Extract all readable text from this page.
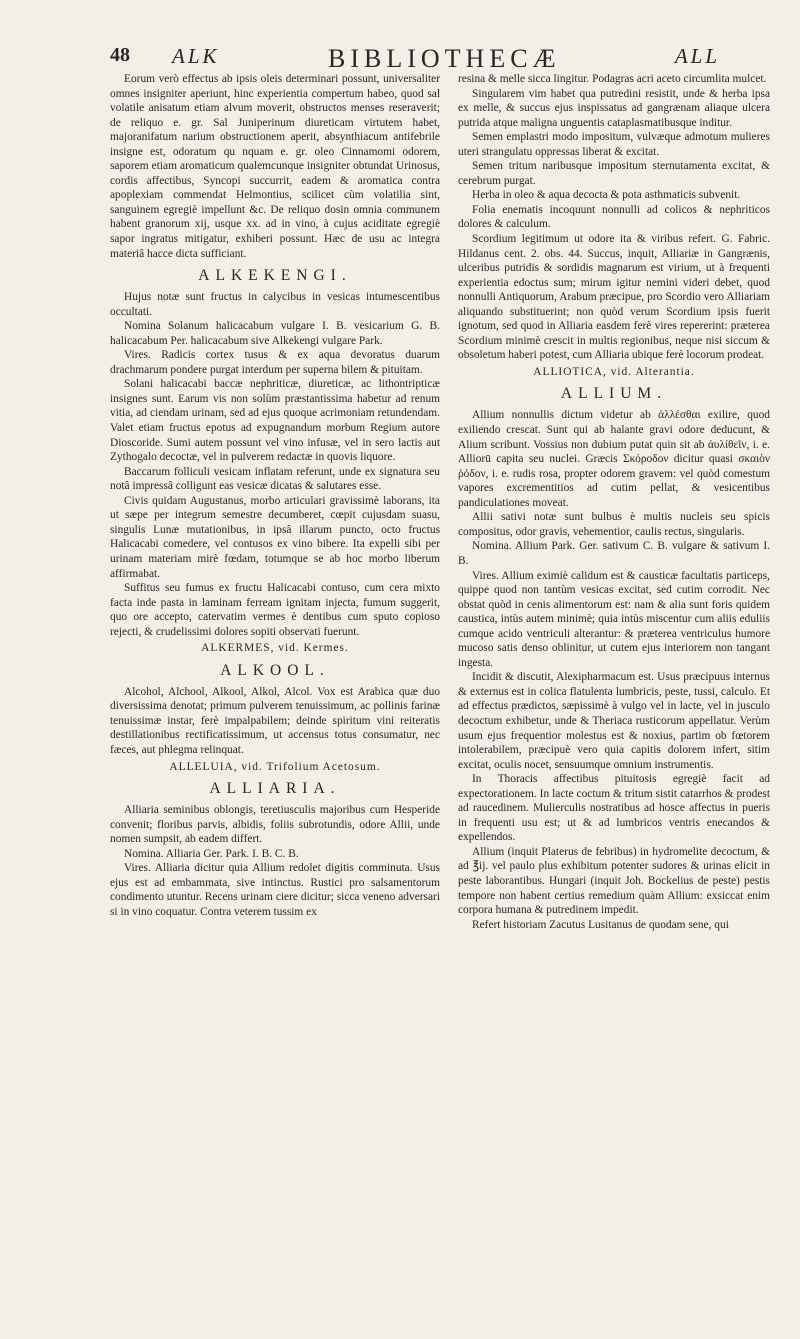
48 ALK	BIBLIOTHECÆ	ALL

Eorum verò effectus ab ipsis oleis determinari possunt, universaliter omnes insigniter aperiunt, hinc experientia compertum habeo, quod sal volatile anisatum etiam alvum moverit, obstructos menses reseraverit; de reliquo e. gr. Sal Juniperinum diureticam virtutem habet, majoranifatum narium obstructionem aperit, absynthiacum antifebrile insigne est, odoratum qu nquam e. gr. oleo Cinnamomi odorem, saporem etiam aromaticum qualemcunque insigniter obtundat Urinosus, cordis affectibus, Syncopi succurrit, eadem & aromatica contra apoplexiam commendat Helmontius, scilicet cùm volatilia sint, sanguinem egregiè impellunt &c. De reliquo dosin omnia communem habent granorum xij, usque xx. ad in vino, à cujus aciditate egregiè sapor ingratus mitigatur, exhiberi possunt. Hæc de usu ac integra materiâ hacce dicta sufficiant.

ALKEKENGI.

Hujus notæ sunt fructus in calycibus in vesicas intumescentibus occultati.

Nomina Solanum halicacabum vulgare I. B. vesicarium G. B. halicacabum Per. halicacabum sive Alkekengi vulgare Park.

Vires. Radicis cortex tusus & ex aqua devoratus duarum drachmarum pondere purgat interdum per superna bilem & pituitam.

Solani halicacabi baccæ nephriticæ, diureticæ, ac lithontripticæ insignes sunt. Earum vis non solùm præstantissima habetur ad renum vitia, ad ciendam urinam, sed ad ejus quoque acrimoniam retundendam. Valet etiam fructus epotus ad expugnandum morbum Regium autore Dioscoride. Sumi autem possunt vel vino infusæ, vel in sero lactis aut Zythogalo decoctæ, vel in pulverem redactæ in quovis liquore.

Baccarum folliculi vesicam inflatam referunt, unde ex signatura seu notâ impressâ colligunt eas vesicæ dicatas & salutares esse.

Civis quidam Augustanus, morbo articulari gravissimè laborans, ita ut sæpe per integrum semestre decumberet, cœpit cujusdam suasu, singulis Lunæ mutationibus, in ipsâ illarum puncto, octo fructus Halicacabi comedere, vel contusos ex vino bibere. Ita expelli sibi per urinam materiam mirè fœdam, totumque se ab hoc morbo liberum affirmabat.

Suffitus seu fumus ex fructu Halicacabi contuso, cum cera mixto facta inde pasta in laminam ferream ignitam injecta, fumum suggerit, quo ore accepto, catervatim vermes è dentibus cum sputo copioso rejecti, & crudelissimi dolores sopiti observati fuerunt.

ALKERMES, vid. Kermes.

ALKOOL.

Alcohol, Alchool, Alkool, Alkol, Alcol. Vox est Arabica quæ duo diversissima denotat; primum pulverem tenuissimum, ac pollinis farinæ tenuissimæ instar, ferè impalpabilem; deinde spiritum vini reiteratis destillationibus rectificatissimum, ut accensus totus consumatur, nec fæces, aut phlegma relinquat.

ALLELUIA, vid. Trifolium Acetosum.

ALLIARIA.

Alliaria seminibus oblongis, teretiusculis majoribus cum Hesperide convenit; floribus parvis, albidis, foliis subrotundis, odore Allii, unde nomen sumpsit, ab eadem differt.

Nomina. Alliaria Ger. Park. I. B. C. B.

Vires. Alliaria dicitur quia Allium redolet digitis comminuta. Usus ejus est ad embammata, sive intinctus. Rustici pro salsamentorum condimento utuntur. Recens urinam ciere dicitur; sicca veneno adversari si in vino coquatur. Contra veterem tussim ex

resina & melle sicca lingitur. Podagras acri aceto circumlita mulcet.

Singularem vim habet qua putredini resistit, unde & herba ipsa ex melle, & succus ejus inspissatus ad gangrænam aliaque ulcera putrida atque maligna unguentis cataplasmatibusque inditur.

Semen emplastri modo impositum, vulvæque admotum mulieres uteri strangulatu oppressas liberat & excitat.

Semen tritum naribusque impositum sternutamenta excitat, & cerebrum purgat.

Herba in oleo & aqua decocta & pota asthmaticis subvenit.

Folia enematis incoquunt nonnulli ad colicos & nephriticos dolores & calculum.

Scordium legitimum ut odore ita & viribus refert. G. Fabric. Hildanus cent. 2. obs. 44. Succus, inquit, Alliariæ in Gangrænis, ulceribus putridis & sordidis magnarum est virium, ut à frequenti experientia edoctus sum; mirum igitur nemini videri debet, quod nonnulli Antiquorum, Arabum præcipue, pro Scordio vero Alliariam aliquando substituerint; non quòd verum Scordium ipsis fuerit ignotum, sed quod in Alliaria easdem ferè vires repererint: præterea Scordium minimè crescit in multis regionibus, neque nisi siccum & obsoletum haberi potest, cum Alliaria ubique ferè locorum prodeat.

ALLIOTICA, vid. Alterantia.

ALLIUM.

Allium nonnullis dictum videtur ab ἀλλέσθαι exilire, quod exiliendo crescat. Sunt qui ab halante gravi odore deducunt, & Alium scribunt. Vossius non dubium putat quin sit ab ἀυλίθεῖν, i. e. Alliorū capita seu nuclei. Græcis Σκόροδον dicitur quasi σκαιὸν ῥόδον, i. e. rudis rosa, propter odorem gravem: vel quòd comestum vapores excrementitios ad cutim pellat, & vesicentibus pandiculationes moveat.

Allii sativi notæ sunt bulbus è multis nucleis seu spicis compositus, odor gravis, vehementior, caulis rectus, singularis.

Nomina. Allium Park. Ger. sativum C. B. vulgare & sativum I. B.

Vires. Allium eximiè calidum est & causticæ facultatis particeps, quippe quod non tantùm vesicas excitat, sed cutim corrodit. Nec obstat quòd in cenis alimentorum est: nam & alia sunt foris quidem caustica, intùs autem minimè; quia intùs miscentur cum aliis eduliis cumque acido ventriculi alterantur: & præterea ventriculus humore mucoso satis denso oblinitur, ut cutem ejus interiorem non tangant ingesta.

Incidit & discutit, Alexipharmacum est. Usus præcipuus internus & externus est in colica flatulenta lumbricis, peste, tussi, calculo. Et ad effectus prædictos, sæpissimè à vulgo vel in lacte, vel in jusculo decoctum exhibetur, unde & Theriaca rusticorum appellatur. Verùm usum ejus frequentior molestus est & noxius, partim ob fœtorem intolerabilem, præcipuè vero quia capitis dolorem infert, sitim excitat, oculis nocet, sensuumque omnium instrumentis.

In Thoracis affectibus pituitosis egregiè facit ad expectorationem. In lacte coctum & tritum sistit catarrhos & prodest ad raucedinem. Mulierculis nostratibus ad hosce affectus in pueris in frequenti usu est; ut & ad lumbricos ventris enecandos & expellendos.

Allium (inquit Platerus de febribus) in hydromelite decoctum, & ad ℥ij. vel paulo plus exhibitum potenter sudores & urinas elicit in peste laborantibus. Hungari (inquit Joh. Bockelius de peste) pestis tempore non habent certius remedium quàm Allium: exsiccat enim corpora humana & putredinem impedit.

Refert historiam Zacutus Lusitanus de quodam sene, qui
